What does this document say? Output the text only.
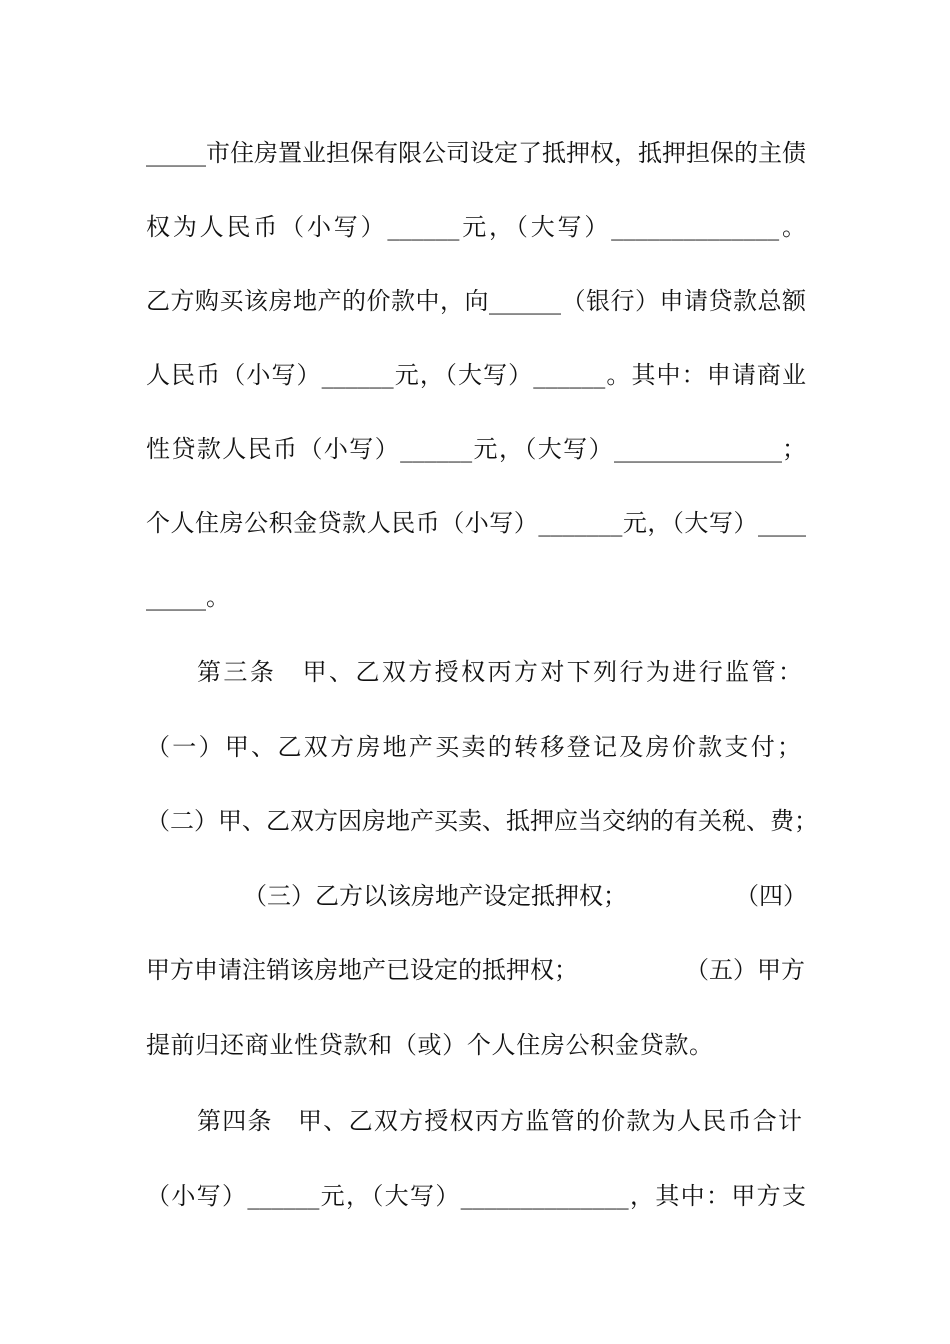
_____市住房置业担保有限公司设定了抵押权，抵押担保的主债
权为人民币（小写）______元，（大写）______________。
乙方购买该房地产的价款中，向______（银行）申请贷款总额
人民币（小写）______元，（大写）______。其中：申请商业
性贷款人民币（小写）______元，（大写）______________；
个人住房公积金贷款人民币（小写）_______元，（大写）____
_____。
第三条　甲、乙双方授权丙方对下列行为进行监管：
（一）甲、乙双方房地产买卖的转移登记及房价款支付；
（二）甲、乙双方因房地产买卖、抵押应当交纳的有关税、费；
（三）乙方以该房地产设定抵押权；	（四）
甲方申请注销该房地产已设定的抵押权；	（五）甲方
提前归还商业性贷款和（或）个人住房公积金贷款。
第四条　甲、乙双方授权丙方监管的价款为人民币合计
（小写）______元，（大写）______________，其中：甲方支
